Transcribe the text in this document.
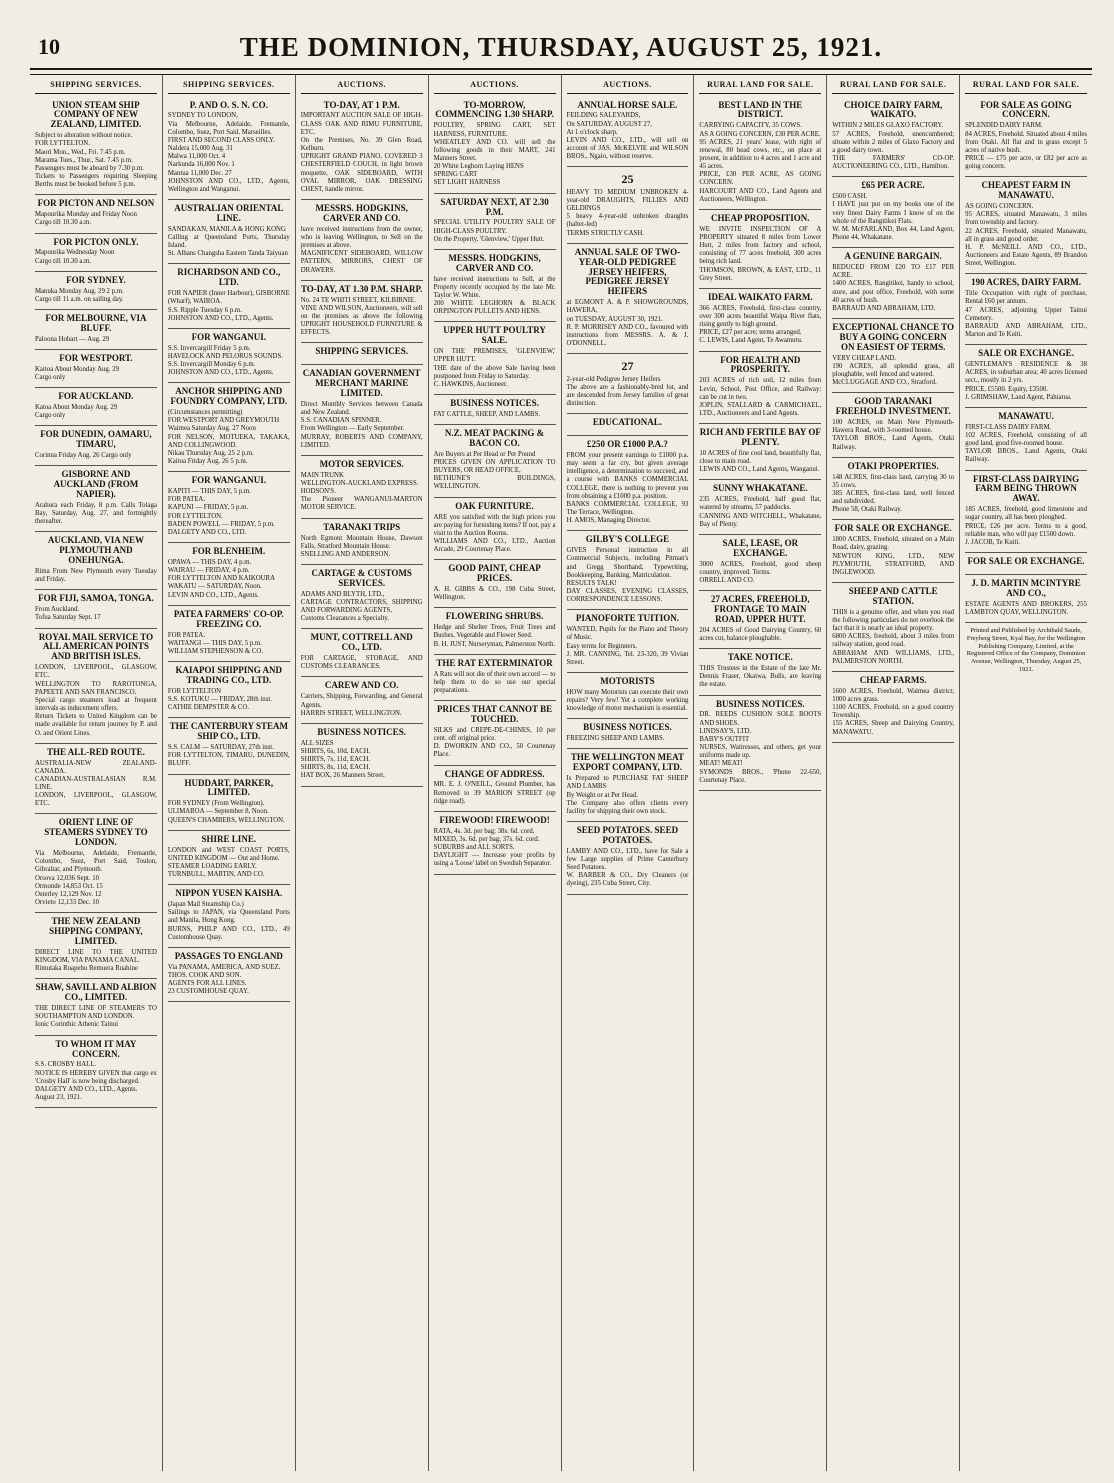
10	THE DOMINION, THURSDAY, AUGUST 25, 1921.
SHIPPING SERVICES.
UNION STEAM SHIP COMPANY OF NEW ZEALAND, LIMITED.
Subject to alteration without notice.
FOR LYTTELTON.
Maori Mon., Wed., Fri. 7.45 p.m.
Marama Tues., Thur., Sat. 7.45 p.m.
Passengers must be aboard by 7.30 p.m.
Tickets to Passengers requiring Sleeping Berths must be booked before 5 p.m.
FOR PICTON AND NELSON
Mapourika Monday and Friday Noon
Cargo till 10.30 a.m.
FOR PICTON ONLY.
Mapourika Wednesday Noon
Cargo till 10.30 a.m.
FOR SYDNEY.
Manuka Monday Aug. 29 2 p.m.
Cargo till 11 a.m. on sailing day.
FOR MELBOURNE, VIA BLUFF.
Paloona Hobart — Aug. 29
FOR WESTPORT.
Kaitoa About Monday Aug. 29
Cargo only
FOR AUCKLAND.
Katoa About Monday Aug. 29
Cargo only
FOR DUNEDIN, OAMARU, TIMARU,
Corinna Friday Aug. 26 Cargo only
GISBORNE AND AUCKLAND (FROM NAPIER).
Arahura each Friday, 8 p.m. Calls Tolaga Bay, Saturday, Aug. 27, and fortnightly thereafter.
AUCKLAND, VIA NEW PLYMOUTH AND ONEHUNGA.
Rima From New Plymouth every Tuesday and Friday.
FOR FIJI, SAMOA, TONGA.
From Auckland.
Tofua Saturday Sept. 17
ROYAL MAIL SERVICE TO ALL AMERICAN POINTS AND BRITISH ISLES.
LONDON, LIVERPOOL, GLASGOW, ETC.
WELLINGTON TO RAROTONGA, PAPEETE AND SAN FRANCISCO.
Special cargo steamers load at frequent intervals as inducement offers.
Return Tickets to United Kingdom can be made available for return journey by P. and O. and Orient Lines.
THE ALL-RED ROUTE.
AUSTRALIA-NEW ZEALAND-CANADA.
CANADIAN-AUSTRALASIAN R.M. LINE.
LONDON, LIVERPOOL, GLASGOW, ETC.
ORIENT LINE OF STEAMERS SYDNEY TO LONDON.
Via Melbourne, Adelaide, Fremantle, Colombo, Suez, Port Said, Toulon, Gibraltar, and Plymouth.
Orsova 12,036 Sept. 10
Ormonde 14,853 Oct. 15
Osterley 12,129 Nov. 12
Orvieto 12,133 Dec. 10
THE NEW ZEALAND SHIPPING COMPANY, LIMITED.
DIRECT LINE TO THE UNITED KINGDOM, VIA PANAMA CANAL.
Rimutaka Ruapehu Remuera Ruahine
SHAW, SAVILL AND ALBION CO., LIMITED.
THE DIRECT LINE OF STEAMERS TO SOUTHAMPTON AND LONDON.
Ionic Corinthic Athenic Tainui
TO WHOM IT MAY CONCERN.
S.S. CROSBY HALL.
NOTICE IS HEREBY GIVEN that cargo ex 'Crosby Hall' is now being discharged.
DALGETY AND CO., LTD., Agents.
August 23, 1921.
SHIPPING SERVICES.
P. AND O. S. N. CO.
SYDNEY TO LONDON,
Via Melbourne, Adelaide, Fremantle, Colombo, Suez, Port Said, Marseilles.
FIRST AND SECOND CLASS ONLY.
Naldera 15,000 Aug. 31
Malwa 11,000 Oct. 4
Narkunda 16,000 Nov. 1
Mantua 11,000 Dec. 27
JOHNSTON AND CO., LTD., Agents, Wellington and Wanganui.
AUSTRALIAN ORIENTAL LINE.
SANDAKAN, MANILA & HONG KONG
Calling at Queensland Ports, Thursday Island.
St. Albans Changsha Eastern Tanda Taiyuan
RICHARDSON AND CO., LTD.
FOR NAPIER (Inner Harbour), GISBORNE (Wharf), WAIROA.
S.S. Ripple Tuesday 6 p.m.
JOHNSTON AND CO., LTD., Agents.
FOR WANGANUI.
S.S. Invercargill Friday 5 p.m.
HAVELOCK AND PELORUS SOUNDS.
S.S. Invercargill Monday 6 p.m.
JOHNSTON AND CO., LTD., Agents.
ANCHOR SHIPPING AND FOUNDRY COMPANY, LTD.
(Circumstances permitting)
FOR WESTPORT AND GREYMOUTH
Waimea Saturday Aug. 27 Noon
FOR NELSON, MOTUEKA, TAKAKA, AND COLLINGWOOD.
Nikau Thursday Aug. 25 2 p.m.
Kaitoa Friday Aug. 26 5 p.m.
FOR WANGANUI.
KAPITI — THIS DAY, 5 p.m.
FOR PATEA.
KAPUNI — FRIDAY, 5 p.m.
FOR LYTTELTON.
BADEN POWELL — FRIDAY, 5 p.m.
DALGETY AND CO., LTD.
FOR BLENHEIM.
OPAWA — THIS DAY, 4 p.m.
WAIRAU — FRIDAY, 4 p.m.
FOR LYTTELTON AND KAIKOURA
WAKATU — SATURDAY, Noon.
LEVIN AND CO., LTD., Agents.
PATEA FARMERS' CO-OP. FREEZING CO.
FOR PATEA.
WAITANGI — THIS DAY, 5 p.m.
WILLIAM STEPHENSON & CO.
KAIAPOI SHIPPING AND TRADING CO., LTD.
FOR LYTTELTON
S.S. KOTUKU — FRIDAY, 28th inst.
CATHIE DEMPSTER & CO.
THE CANTERBURY STEAM SHIP CO., LTD.
S.S. CALM — SATURDAY, 27th inst.
FOR LYTTELTON, TIMARU, DUNEDIN, BLUFF.
HUDDART, PARKER, LIMITED.
FOR SYDNEY (From Wellington).
ULIMAROA — September 8, Noon.
QUEEN'S CHAMBERS, WELLINGTON.
SHIRE LINE.
LONDON and WEST COAST PORTS, UNITED KINGDOM — Out and Home.
STEAMER LOADING EARLY.
TURNBULL, MARTIN, AND CO.
NIPPON YUSEN KAISHA.
(Japan Mail Steamship Co.)
Sailings to JAPAN, via Queensland Ports and Manila, Hong Kong.
BURNS, PHILP AND CO., LTD., 49 Customhouse Quay.
PASSAGES TO ENGLAND
Via PANAMA, AMERICA, AND SUEZ.
THOS. COOK AND SON.
AGENTS FOR ALL LINES.
23 CUSTOMHOUSE QUAY.
AUCTIONS.
TO-DAY, AT 1 P.M.
IMPORTANT AUCTION SALE OF HIGH-CLASS OAK AND RIMU FURNITURE, ETC.
On the Premises, No. 39 Glen Road, Kelburn.
UPRIGHT GRAND PIANO, COVERED 3 CHESTERFIELD COUCH, in light brown moquette, OAK SIDEBOARD, WITH OVAL MIRROR, OAK DRESSING CHEST, handle mirror.
MESSRS. HODGKINS, CARVER AND CO.
have received instructions from the owner, who is leaving Wellington, to Sell on the premises at above.
MAGNIFICENT SIDEBOARD, WILLOW PATTERN, MIRRORS, CHEST OF DRAWERS.
TO-DAY, AT 1.30 P.M. SHARP.
No. 24 TE WHITI STREET, KILBIRNIE.
VINE AND WILSON, Auctioneers, will sell on the premises as above the following UPRIGHT HOUSEHOLD FURNITURE & EFFECTS.
SHIPPING SERVICES.
CANADIAN GOVERNMENT MERCHANT MARINE LIMITED.
Direct Monthly Services between Canada and New Zealand.
S.S. CANADIAN SPINNER.
From Wellington — Early September.
MURRAY, ROBERTS AND COMPANY, LIMITED.
MOTOR SERVICES.
MAIN TRUNK
WELLINGTON-AUCKLAND EXPRESS.
HODSON'S.
The Pioneer WANGANUI-MARTON MOTOR SERVICE.
TARANAKI TRIPS
North Egmont Mountain House, Dawson Falls, Stratford Mountain House.
SNELLING AND ANDERSON.
CARTAGE & CUSTOMS SERVICES.
ADAMS AND BLYTH, LTD.,
CARTAGE CONTRACTORS, SHIPPING AND FORWARDING AGENTS,
Customs Clearances a Specialty.
MUNT, COTTRELL AND CO., LTD.
FOR CARTAGE, STORAGE, AND CUSTOMS CLEARANCES.
CAREW AND CO.
Carriers, Shipping, Forwarding, and General Agents.
HARRIS STREET, WELLINGTON.
BUSINESS NOTICES.
ALL SIZES
SHIRTS, 6s, 10d, EACH.
SHIRTS, 7s, 11d, EACH.
SHIRTS, 8s, 11d, EACH.
HAT BOX, 26 Manners Street.
AUCTIONS.
TO-MORROW, COMMENCING 1.30 SHARP.
POULTRY, SPRING CART, SET HARNESS, FURNITURE.
WHEATLEY AND CO. will sell the following goods in their MART, 241 Manners Street.
20 White Leghorn Laying HENS
SPRING CART
SET LIGHT HARNESS
SATURDAY NEXT, AT 2.30 P.M.
SPECIAL UTILITY POULTRY SALE OF HIGH-CLASS POULTRY.
On the Property, 'Glenview,' Upper Hutt.
MESSRS. HODGKINS, CARVER AND CO.
have received instructions to Sell, at the Property recently occupied by the late Mr. Taylor W. White.
200 WHITE LEGHORN & BLACK ORPINGTON PULLETS AND HENS.
UPPER HUTT POULTRY SALE.
ON THE PREMISES, 'GLENVIEW,' UPPER HUTT.
THE date of the above Sale having been postponed from Friday to Saturday.
C. HAWKINS, Auctioneer.
BUSINESS NOTICES.
FAT CATTLE, SHEEP, AND LAMBS.
N.Z. MEAT PACKING & BACON CO.
Are Buyers at Per Head or Per Pound
PRICES GIVEN ON APPLICATION TO BUYERS, OR HEAD OFFICE,
BETHUNE'S BUILDINGS, WELLINGTON.
OAK FURNITURE.
ARE you satisfied with the high prices you are paying for furnishing items? If not, pay a visit to the Auction Rooms.
WILLIAMS AND CO., LTD., Auction Arcade, 29 Courtenay Place.
GOOD PAINT, CHEAP PRICES.
A. H. GIBBS & CO., 198 Cuba Street, Wellington.
FLOWERING SHRUBS.
Hedge and Shelter Trees, Fruit Trees and Bushes, Vegetable and Flower Seed.
B. H. JUST, Nurseryman, Palmerston North.
THE RAT EXTERMINATOR
A Rats will not die of their own accord — to help them to do so use our special preparations.
PRICES THAT CANNOT BE TOUCHED.
SILKS and CREPE-DE-CHINES, 10 per cent. off original price.
D. DWORKIN AND CO., 50 Courtenay Place.
CHANGE OF ADDRESS.
MR. E. J. O'NEILL, Ground Plumber, has Removed to 39 MARION STREET (up ridge road).
FIREWOOD! FIREWOOD!
RATA, 4s. 3d. per bag; 38s. 6d. cord.
MIXED, 3s. 6d. per bag; 37s. 6d. cord.
SUBURBS and ALL SORTS.
DAYLIGHT — Increase your profits by using a 'Loose' label on Swedish Separator.
AUCTIONS.
ANNUAL HORSE SALE.
FEILDING SALEYARDS,
On SATURDAY, AUGUST 27,
At 1 o'clock sharp.
LEVIN AND CO., LTD., will sell on account of JAS. McKELVIE and WILSON BROS., Ngaio, without reserve.
25
HEAVY TO MEDIUM UNBROKEN 4-year-old DRAUGHTS, FILLIES AND GELDINGS
5 heavy 4-year-old unbroken draughts (halter-led)
TERMS STRICTLY CASH.
ANNUAL SALE OF TWO-YEAR-OLD PEDIGREE JERSEY HEIFERS, PEDIGREE JERSEY HEIFERS
at EGMONT A. & P. SHOWGROUNDS, HAWERA,
on TUESDAY, AUGUST 30, 1921.
R. P. MORRISEY AND CO., favoured with instructions from MESSRS. A. & J. O'DONNELL.
27
2-year-old Pedigree Jersey Heifers
The above are a fashionably-bred lot, and are descended from Jersey families of great distinction.
EDUCATIONAL.
£250 OR £1000 P.A.?
FROM your present earnings to £1000 p.a. may seem a far cry, but given average intelligence, a determination to succeed, and a course with BANKS COMMERCIAL COLLEGE, there is nothing to prevent you from obtaining a £1000 p.a. position.
BANKS COMMERCIAL COLLEGE, 93 The Terrace, Wellington.
H. AMOS, Managing Director.
GILBY'S COLLEGE
GIVES Personal instruction in all Commercial Subjects, including Pitman's and Gregg Shorthand, Typewriting, Bookkeeping, Banking, Matriculation.
RESULTS TALK!
DAY CLASSES, EVENING CLASSES, CORRESPONDENCE LESSONS.
PIANOFORTE TUITION.
WANTED, Pupils for the Piano and Theory of Music.
Easy terms for Beginners.
J. MR. CANNING, Tel. 23-320, 39 Vivian Street.
MOTORISTS
HOW many Motorists can execute their own repairs? Very few! Yet a complete working knowledge of motor mechanism is essential.
BUSINESS NOTICES.
FREEZING SHEEP AND LAMBS.
THE WELLINGTON MEAT EXPORT COMPANY, LTD.
Is Prepared to PURCHASE FAT SHEEP AND LAMBS
By Weight or at Per Head.
The Company also offers clients every facility for shipping their own stock.
SEED POTATOES. SEED POTATOES.
LAMBY AND CO., LTD., have for Sale a few Large supplies of Prime Canterbury Seed Potatoes.
W. BARBER & CO., Dry Cleaners (or dyeing), 235 Cuba Street, City.
RURAL LAND FOR SALE.
BEST LAND IN THE DISTRICT.
CARRYING CAPACITY, 35 COWS.
AS A GOING CONCERN, £30 PER ACRE.
95 ACRES, 21 years' lease, with right of renewal, 80 head cows, etc., on place at present, in addition to 4 acres and 1 acre and 45 acres.
PRICE, £30 PER ACRE, AS GOING CONCERN.
HARCOURT AND CO., Land Agents and Auctioneers, Wellington.
CHEAP PROPOSITION.
WE INVITE INSPECTION OF A PROPERTY situated 8 miles from Lower Hutt, 2 miles from factory and school, consisting of 77 acres freehold, 300 acres being rich land.
THOMSON, BROWN, & EAST, LTD., 11 Grey Street.
IDEAL WAIKATO FARM.
366 ACRES, Freehold, first-class country, over 300 acres beautiful Waipa River flats, rising gently to high ground.
PRICE, £27 per acre; terms arranged.
C. LEWIS, Land Agent, Te Awamutu.
FOR HEALTH AND PROSPERITY.
203 ACRES of rich soil, 12 miles from Levin, School, Post Office, and Railway: can be cut in two.
JOPLIN, STALLARD & CARMICHAEL, LTD., Auctioneers and Land Agents.
RICH AND FERTILE BAY OF PLENTY.
10 ACRES of fine cool land, beautifully flat, close to main road.
LEWIS AND CO., Land Agents, Wanganui.
SUNNY WHAKATANE.
235 ACRES, Freehold, half good flat, watered by streams, 57 paddocks.
CANNING AND WITCHELL, Whakatane, Bay of Plenty.
SALE, LEASE, OR EXCHANGE.
3000 ACRES, Freehold, good sheep country, improved. Terms.
ORRELL AND CO.
27 ACRES, FREEHOLD, FRONTAGE TO MAIN ROAD, UPPER HUTT.
204 ACRES of Good Dairying Country, 60 acres cut, balance ploughable.
TAKE NOTICE.
THIS Trustees in the Estate of the late Mr. Dennis Fraser, Okaiwa, Bulls, are leaving the estate.
BUSINESS NOTICES.
DR. REEDS CUSHION SOLE BOOTS AND SHOES.
LINDSAY'S, LTD.
BABY'S OUTFIT
NURSES, Waitresses, and others, get your uniforms made up.
MEAT! MEAT!
SYMONDS BROS., 'Phone 22-650, Courtenay Place.
RURAL LAND FOR SALE.
CHOICE DAIRY FARM, WAIKATO.
WITHIN 2 MILES GLAXO FACTORY.
57 ACRES, Freehold, unencumbered; situate within 2 miles of Glaxo Factory and a good dairy town.
THE FARMERS' CO-OP. AUCTIONEERING CO., LTD., Hamilton.
£65 PER ACRE.
£500 CASH.
I HAVE just put on my books one of the very finest Dairy Farms I know of on the whole of the Rangitikei Flats.
W. M. McFARLAND, Box 44, Land Agent, Phone 44, Whakatane.
A GENUINE BARGAIN.
REDUCED FROM £20 TO £17 PER ACRE.
1400 ACRES, Rangitikei, handy to school, store, and post office, Freehold, with some 40 acres of bush.
BARRAUD AND ABRAHAM, LTD.
EXCEPTIONAL CHANCE TO BUY A GOING CONCERN ON EASIEST OF TERMS.
VERY CHEAP LAND.
190 ACRES, all splendid grass, all ploughable, well fenced and watered.
McCLUGGAGE AND CO., Stratford.
GOOD TARANAKI FREEHOLD INVESTMENT.
100 ACRES, on Main New Plymouth-Hawera Road, with 3-roomed house.
TAYLOR BROS., Land Agents, Otaki Railway.
OTAKI PROPERTIES.
148 ACRES, first-class land, carrying 30 to 35 cows.
385 ACRES, first-class land, well fenced and subdivided.
Phone 58, Otaki Railway.
FOR SALE OR EXCHANGE.
1800 ACRES, Freehold, situated on a Main Road, dairy, grazing.
NEWTON KING, LTD., NEW PLYMOUTH, STRATFORD, AND INGLEWOOD.
SHEEP AND CATTLE STATION.
THIS is a genuine offer, and when you read the following particulars do not overlook the fact that it is nearly an ideal property.
6800 ACRES, freehold, about 3 miles from railway station, good road.
ABRAHAM AND WILLIAMS, LTD., PALMERSTON NORTH.
CHEAP FARMS.
1600 ACRES, Freehold, Waimea district; 1000 acres grass.
1100 ACRES, Freehold, on a good country Township.
155 ACRES, Sheep and Dairying Country, MANAWATU.
RURAL LAND FOR SALE.
FOR SALE AS GOING CONCERN.
SPLENDID DAIRY FARM.
84 ACRES, Freehold. Situated about 4 miles from Otaki. All flat and in grass except 5 acres of native bush.
PRICE — £75 per acre, or £82 per acre as going concern.
CHEAPEST FARM IN MANAWATU.
AS GOING CONCERN.
95 ACRES, situated Manawatu, 3 miles from township and factory.
22 ACRES, Freehold, situated Manawatu, all in grass and good order.
H. P. McNEILL AND CO., LTD., Auctioneers and Estate Agents, 89 Brandon Street, Wellington.
190 ACRES, DAIRY FARM.
Title Occupation with right of purchase, Rental £60 per annum.
47 ACRES, adjoining Upper Tainui Cemetery.
BARRAUD AND ABRAHAM, LTD., Marton and Te Kuiti.
SALE OR EXCHANGE.
GENTLEMAN'S RESIDENCE & 38 ACRES, in suburban area; 40 acres licensed sect., mostly in 2 yrs.
PRICE, £5500. Equity, £3500.
J. GRIMSHAW, Land Agent, Pahiatua.
MANAWATU.
FIRST-CLASS DAIRY FARM.
102 ACRES, Freehold, consisting of all good land, good five-roomed house.
TAYLOR BROS., Land Agents, Otaki Railway.
FIRST-CLASS DAIRYING FARM BEING THROWN AWAY.
185 ACRES, freehold, good limestone and sugar country, all has been ploughed.
PRICE, £26 per acre. Terms to a good, reliable man, who will pay £1500 down.
J. JACOB, Te Kuiti.
FOR SALE OR EXCHANGE.
J. D. MARTIN MCINTYRE AND CO.,
ESTATE AGENTS AND BROKERS, 255 LAMBTON QUAY, WELLINGTON.
Printed and Published by Archibald Saude, Freyberg Street, Kyal Bay, for the Wellington Publishing Company, Limited, at the Registered Office of the Company, Dominion Avenue, Wellington, Thursday, August 25, 1921.
